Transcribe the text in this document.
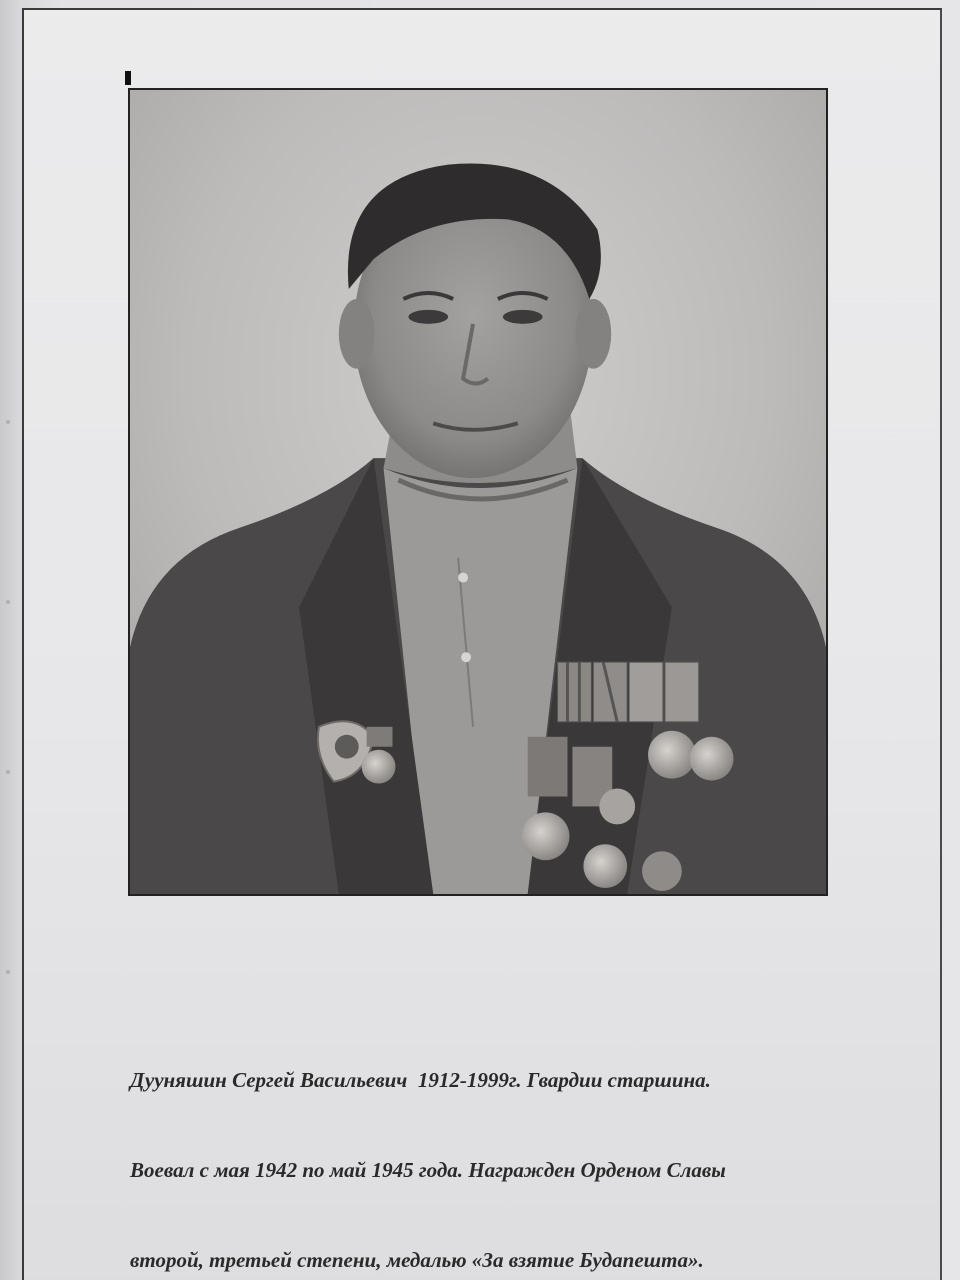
Дууняшин Сергей Васильевич  1912-1999г. Гвардии старшина.

Воевал с мая 1942 по май 1945 года. Награжден Орденом Славы

второй, третьей степени, медалью «За взятие Будапешта».
